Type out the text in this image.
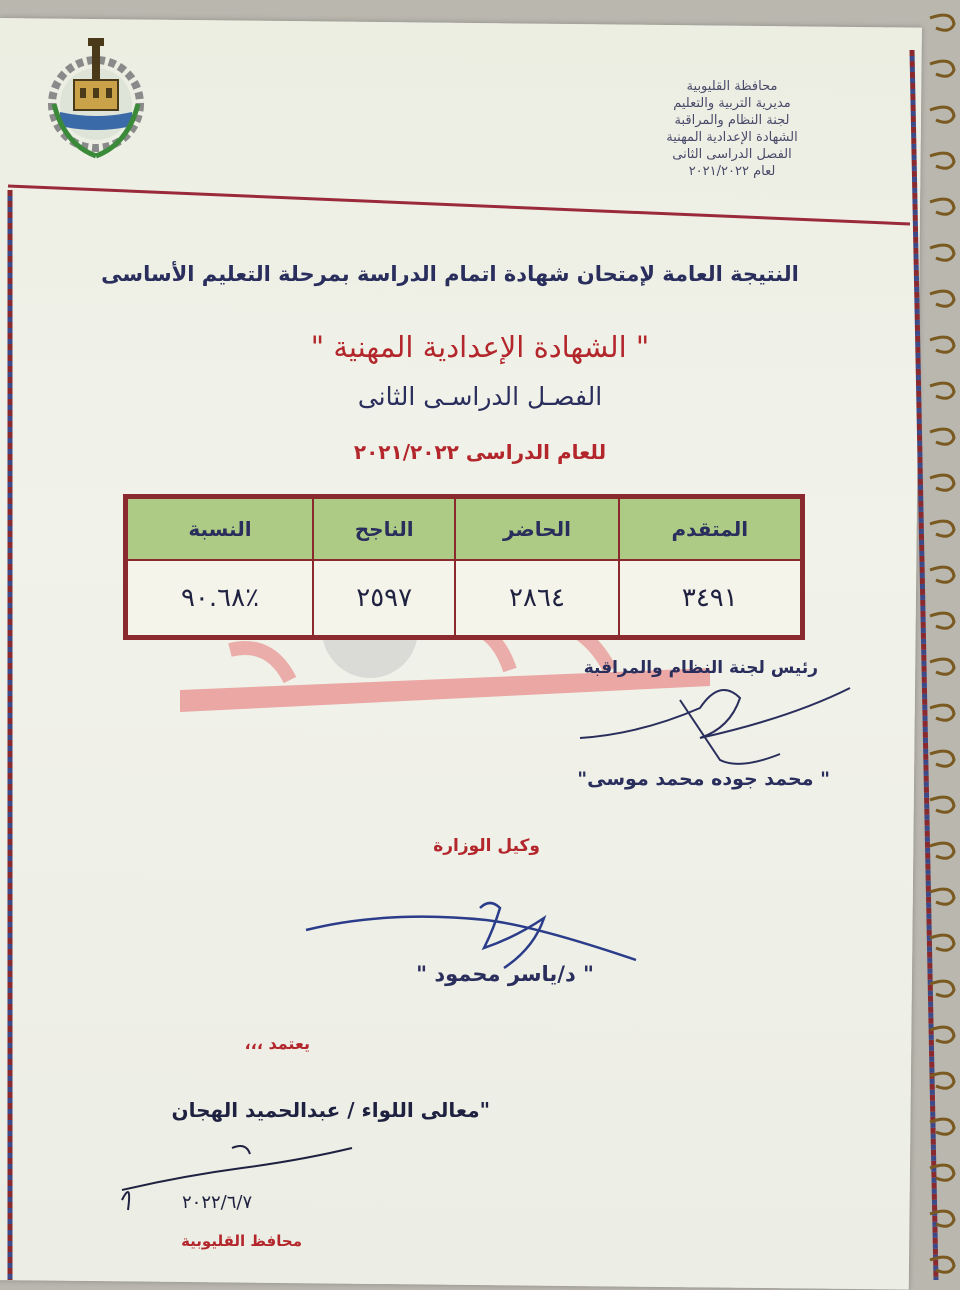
محافظة القليوبية
مديرية التربية والتعليم
لجنة النظام والمراقبة
الشهادة الإعدادية المهنية
الفصل الدراسى الثانى
لعام ٢٠٢١/٢٠٢٢
النتيجة العامة لإمتحان شهادة اتمام الدراسة بمرحلة التعليم الأساسى
" الشهادة الإعدادية المهنية "
الفصـل الدراسـى الثانى
للعام الدراسى ٢٠٢١/٢٠٢٢
المتقدم	الحاضر	الناجح	النسبة
٣٤٩١	٢٨٦٤	٢٥٩٧	٪٩٠.٦٨
رئيس لجنة النظام والمراقبة
" محمد جوده محمد موسى"
وكيل الوزارة
" د/ياسر محمود "
يعتمد ،،،
"معالى اللواء / عبدالحميد الهجان
٢٠٢٢/٦/٧
محافظ القليوبية
